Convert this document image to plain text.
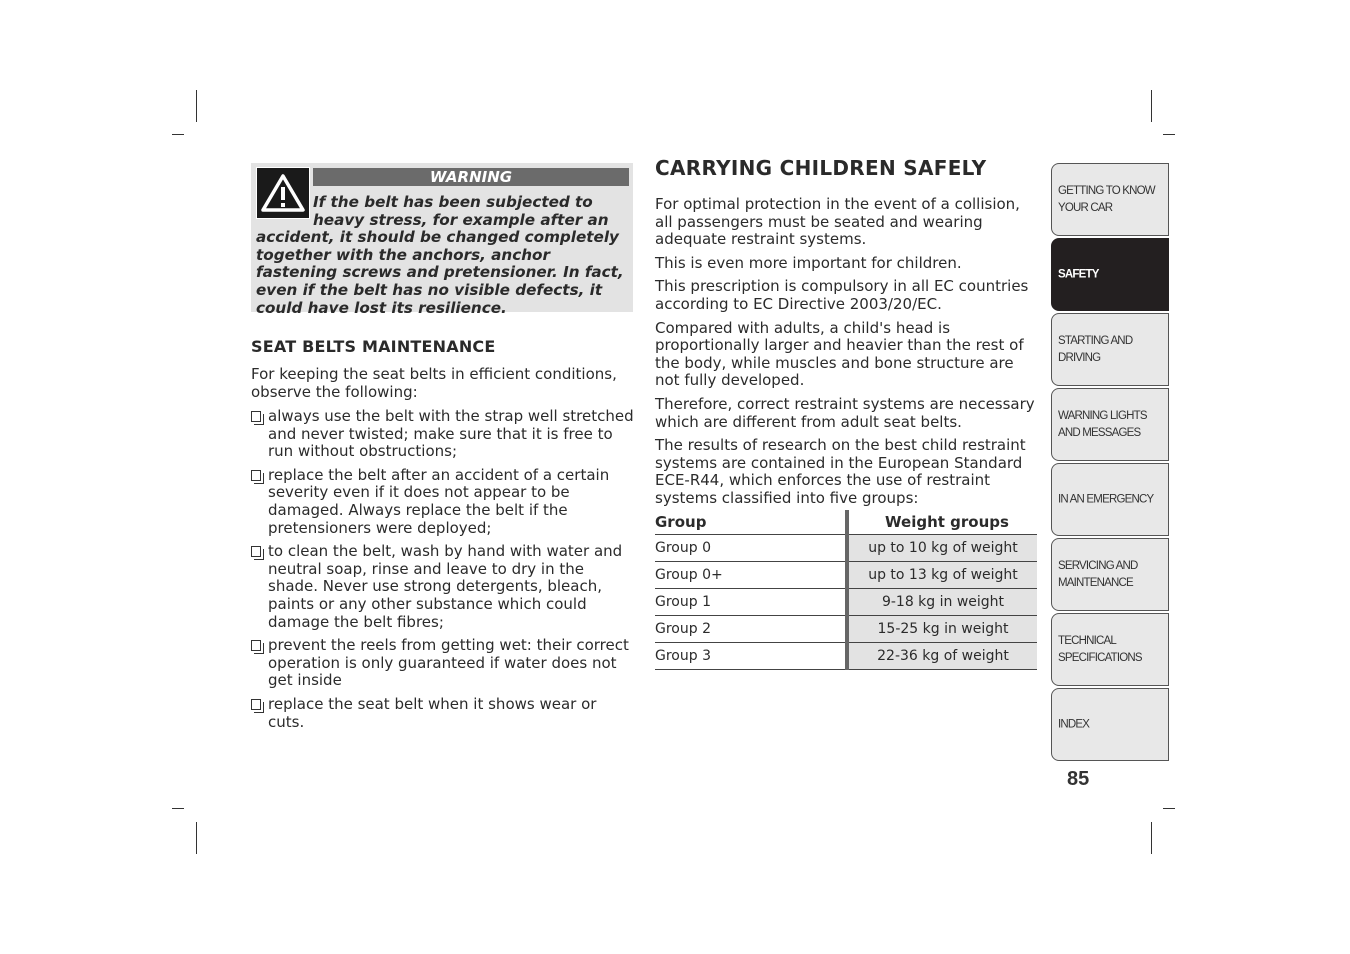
WARNING

If the belt has been subjected to heavy stress, for example after an accident, it should be changed completely together with the anchors, anchor fastening screws and pretensioner. In fact, even if the belt has no visible defects, it could have lost its resilience.

SEAT BELTS MAINTENANCE

For keeping the seat belts in efficient conditions, observe the following:

always use the belt with the strap well stretched and never twisted; make sure that it is free to run without obstructions;
replace the belt after an accident of a certain severity even if it does not appear to be damaged. Always replace the belt if the pretensioners were deployed;
to clean the belt, wash by hand with water and neutral soap, rinse and leave to dry in the shade. Never use strong detergents, bleach, paints or any other substance which could damage the belt fibres;
prevent the reels from getting wet: their correct operation is only guaranteed if water does not get inside
replace the seat belt when it shows wear or cuts.
CARRYING CHILDREN SAFELY

For optimal protection in the event of a collision, all passengers must be seated and wearing adequate restraint systems.

This is even more important for children.

This prescription is compulsory in all EC countries according to EC Directive 2003/20/EC.

Compared with adults, a child's head is proportionally larger and heavier than the rest of the body, while muscles and bone structure are not fully developed.

Therefore, correct restraint systems are necessary which are different from adult seat belts.

The results of research on the best child restraint systems are contained in the European Standard ECE-R44, which enforces the use of restraint systems classified into five groups:

Group	Weight groups
Group 0	up to 10 kg of weight
Group 0+	up to 13 kg of weight
Group 1	9-18 kg in weight
Group 2	15-25 kg in weight
Group 3	22-36 kg of weight
GETTING TO KNOW YOUR CAR
SAFETY
STARTING AND DRIVING
WARNING LIGHTS AND MESSAGES
IN AN EMERGENCY
SERVICING AND MAINTENANCE
TECHNICAL SPECIFICATIONS
INDEX
85
